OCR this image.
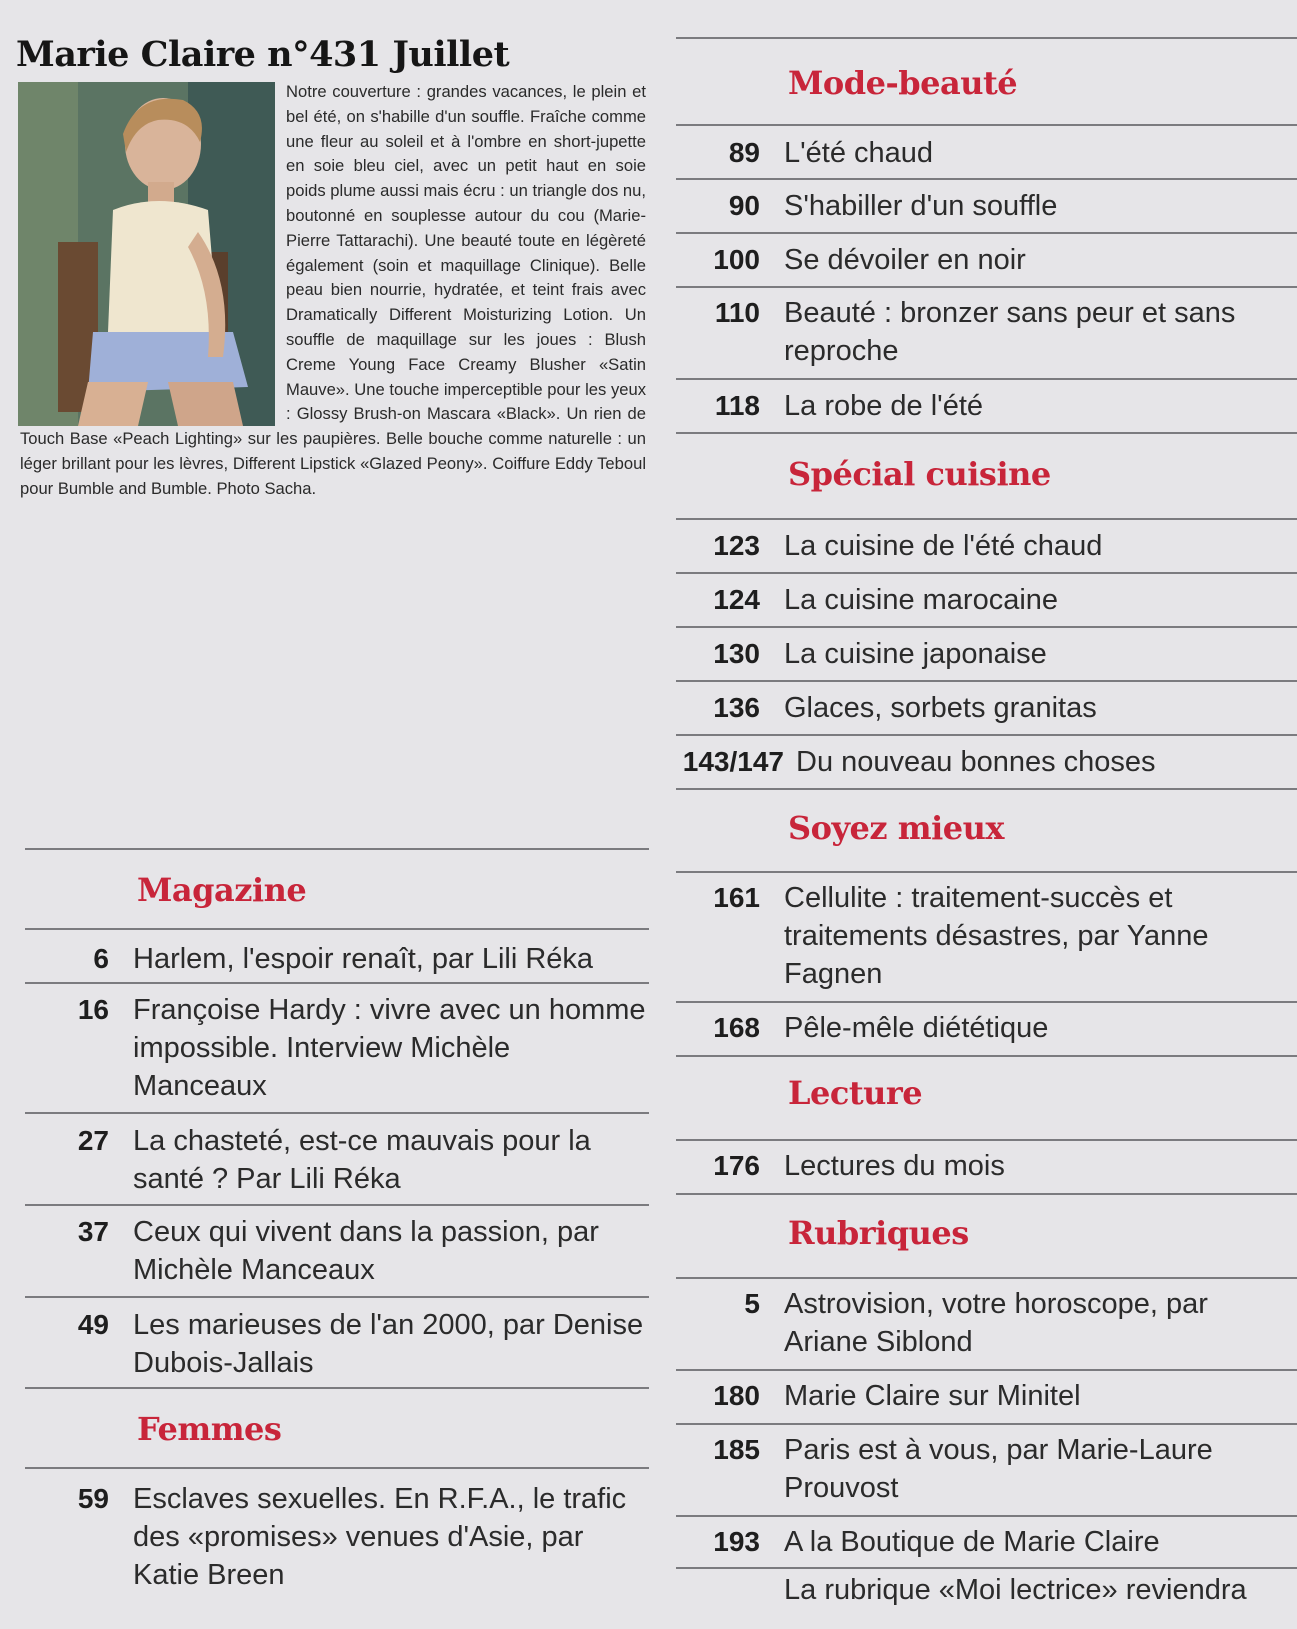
Marie Claire n°431 Juillet

Notre couverture : grandes vacances, le plein et bel été, on s'habille d'un souffle. Fraîche comme une fleur au soleil et à l'ombre en short-jupette en soie bleu ciel, avec un petit haut en soie poids plume aussi mais écru : un triangle dos nu, boutonné en souplesse autour du cou (Marie-Pierre Tattarachi). Une beauté toute en légèreté également (soin et maquillage Clinique). Belle peau bien nourrie, hydratée, et teint frais avec Dramatically Different Moisturizing Lotion. Un souffle de maquillage sur les joues : Blush Creme Young Face Creamy Blusher «Satin Mauve». Une touche imperceptible pour les yeux : Glossy Brush-on Mascara «Black». Un rien de Touch Base «Peach Lighting» sur les paupières. Belle bouche comme naturelle : un léger brillant pour les lèvres, Different Lipstick «Glazed Peony». Coiffure Eddy Teboul pour Bumble and Bumble. Photo Sacha.

Magazine
6 Harlem, l'espoir renaît, par Lili Réka
16 Françoise Hardy : vivre avec un homme impossible. Interview Michèle Manceaux
27 La chasteté, est-ce mauvais pour la santé ? Par Lili Réka
37 Ceux qui vivent dans la passion, par Michèle Manceaux
49 Les marieuses de l'an 2000, par Denise Dubois-Jallais
Femmes
59 Esclaves sexuelles. En R.F.A., le trafic des «promises» venues d'Asie, par Katie Breen
Mode-beauté
89 L'été chaud
90 S'habiller d'un souffle
100 Se dévoiler en noir
110 Beauté : bronzer sans peur et sans reproche
118 La robe de l'été
Spécial cuisine
123 La cuisine de l'été chaud
124 La cuisine marocaine
130 La cuisine japonaise
136 Glaces, sorbets granitas
143/147 Du nouveau bonnes choses
Soyez mieux
161 Cellulite : traitement-succès et traitements désastres, par Yanne Fagnen
168 Pêle-mêle diététique
Lecture
176 Lectures du mois
Rubriques
5 Astrovision, votre horoscope, par Ariane Siblond
180 Marie Claire sur Minitel
185 Paris est à vous, par Marie-Laure Prouvost
193 A la Boutique de Marie Claire
La rubrique «Moi lectrice» reviendra
